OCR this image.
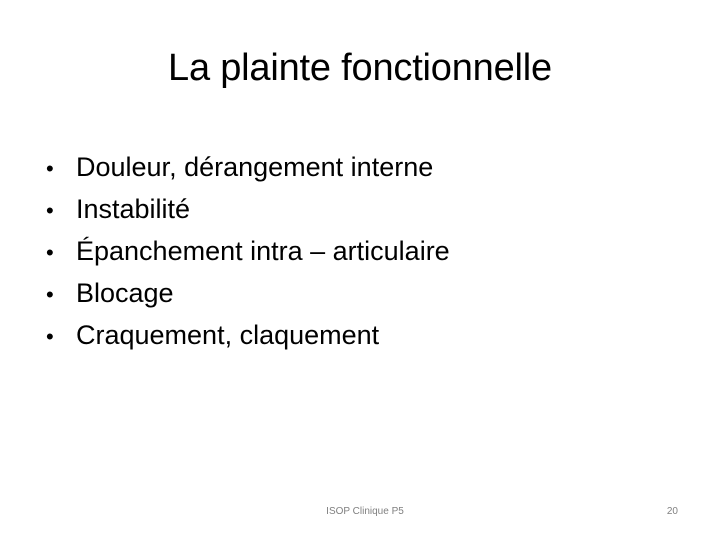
La plainte fonctionnelle
• Douleur, dérangement interne
• Instabilité
• Épanchement intra – articulaire
• Blocage
• Craquement, claquement
ISOP Clinique P5	20
